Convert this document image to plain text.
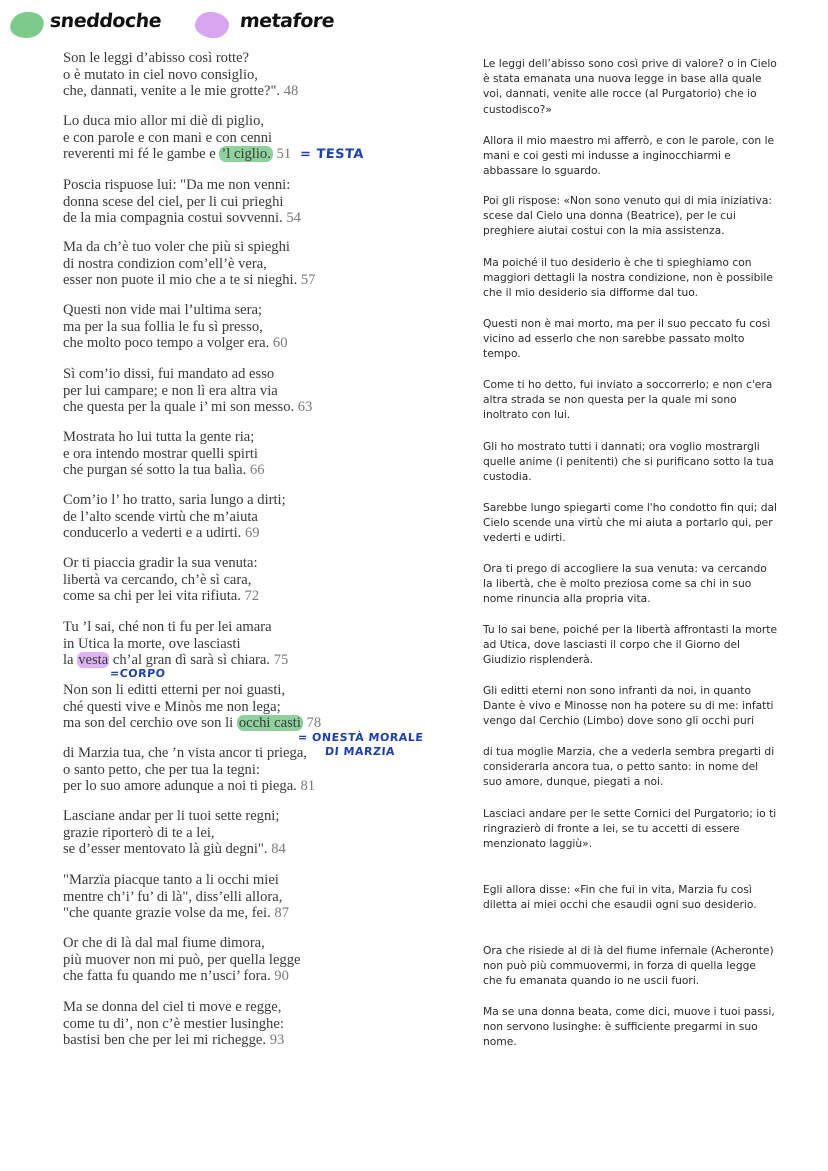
sneddoche	metafore
Son le leggi d’abisso così rotte?
o è mutato in ciel novo consiglio,
che, dannati, venite a le mie grotte?". 48
Lo duca mio allor mi diè di piglio,
e con parole e con mani e con cenni
reverenti mi fé le gambe e ’l ciglio. 51
Poscia rispuose lui: "Da me non venni:
donna scese del ciel, per li cui prieghi
de la mia compagnia costui sovvenni. 54
Ma da ch’è tuo voler che più si spieghi
di nostra condizion com’ell’è vera,
esser non puote il mio che a te si nieghi. 57
Questi non vide mai l’ultima sera;
ma per la sua follia le fu sì presso,
che molto poco tempo a volger era. 60
Sì com’io dissi, fui mandato ad esso
per lui campare; e non lì era altra via
che questa per la quale i’ mi son messo. 63
Mostrata ho lui tutta la gente ria;
e ora intendo mostrar quelli spirti
che purgan sé sotto la tua balìa. 66
Com’io l’ ho tratto, saria lungo a dirti;
de l’alto scende virtù che m’aiuta
conducerlo a vederti e a udirti. 69
Or ti piaccia gradir la sua venuta:
libertà va cercando, ch’è sì cara,
come sa chi per lei vita rifiuta. 72
Tu ’l sai, ché non ti fu per lei amara
in Utica la morte, ove lasciasti
la vesta ch’al gran dì sarà sì chiara. 75
Non son li editti etterni per noi guasti,
ché questi vive e Minòs me non lega;
ma son del cerchio ove son li occhi casti 78
di Marzia tua, che ’n vista ancor ti priega,
o santo petto, che per tua la tegni:
per lo suo amore adunque a noi ti piega. 81
Lasciane andar per li tuoi sette regni;
grazie riporterò di te a lei,
se d’esser mentovato là giù degni". 84
"Marzïa piacque tanto a li occhi miei
mentre ch’i’ fu’ di là", diss’elli allora,
"che quante grazie volse da me, fei. 87
Or che di là dal mal fiume dimora,
più muover non mi può, per quella legge
che fatta fu quando me n’usci’ fora. 90
Ma se donna del ciel ti move e regge,
come tu di’, non c’è mestier lusinghe:
bastisi ben che per lei mi richegge. 93
= TESTA
=CORPO
= ONESTÀ MORALE
DI MARZIA
Le leggi dell’abisso sono così prive di valore? o in Cielo è stata emanata una nuova legge in base alla quale voi, dannati, venite alle rocce (al Purgatorio) che io custodisco?»
Allora il mio maestro mi afferrò, e con le parole, con le mani e coi gesti mi indusse a inginocchiarmi e abbassare lo sguardo.
Poi gli rispose: «Non sono venuto qui di mia iniziativa: scese dal Cielo una donna (Beatrice), per le cui preghiere aiutai costui con la mia assistenza.
Ma poiché il tuo desiderio è che ti spieghiamo con maggiori dettagli la nostra condizione, non è possibile che il mio desiderio sia difforme dal tuo.
Questi non è mai morto, ma per il suo peccato fu così vicino ad esserlo che non sarebbe passato molto tempo.
Come ti ho detto, fui inviato a soccorrerlo; e non c'era altra strada se non questa per la quale mi sono inoltrato con lui.
Gli ho mostrato tutti i dannati; ora voglio mostrargli quelle anime (i penitenti) che si purificano sotto la tua custodia.
Sarebbe lungo spiegarti come l'ho condotto fin qui; dal Cielo scende una virtù che mi aiuta a portarlo qui, per vederti e udirti.
Ora ti prego di accogliere la sua venuta: va cercando la libertà, che è molto preziosa come sa chi in suo nome rinuncia alla propria vita.
Tu lo sai bene, poiché per la libertà affrontasti la morte ad Utica, dove lasciasti il corpo che il Giorno del Giudizio risplenderà.
Gli editti eterni non sono infranti da noi, in quanto Dante è vivo e Minosse non ha potere su di me: infatti vengo dal Cerchio (Limbo) dove sono gli occhi puri
di tua moglie Marzia, che a vederla sembra pregarti di considerarla ancora tua, o petto santo: in nome del suo amore, dunque, piegati a noi.
Lasciaci andare per le sette Cornici del Purgatorio; io ti ringrazierò di fronte a lei, se tu accetti di essere menzionato laggiù».
Egli allora disse: «Fin che fui in vita, Marzia fu così diletta ai miei occhi che esaudii ogni suo desiderio.
Ora che risiede al di là del fiume infernale (Acheronte) non può più commuovermi, in forza di quella legge che fu emanata quando io ne uscii fuori.
Ma se una donna beata, come dici, muove i tuoi passi, non servono lusinghe: è sufficiente pregarmi in suo nome.
